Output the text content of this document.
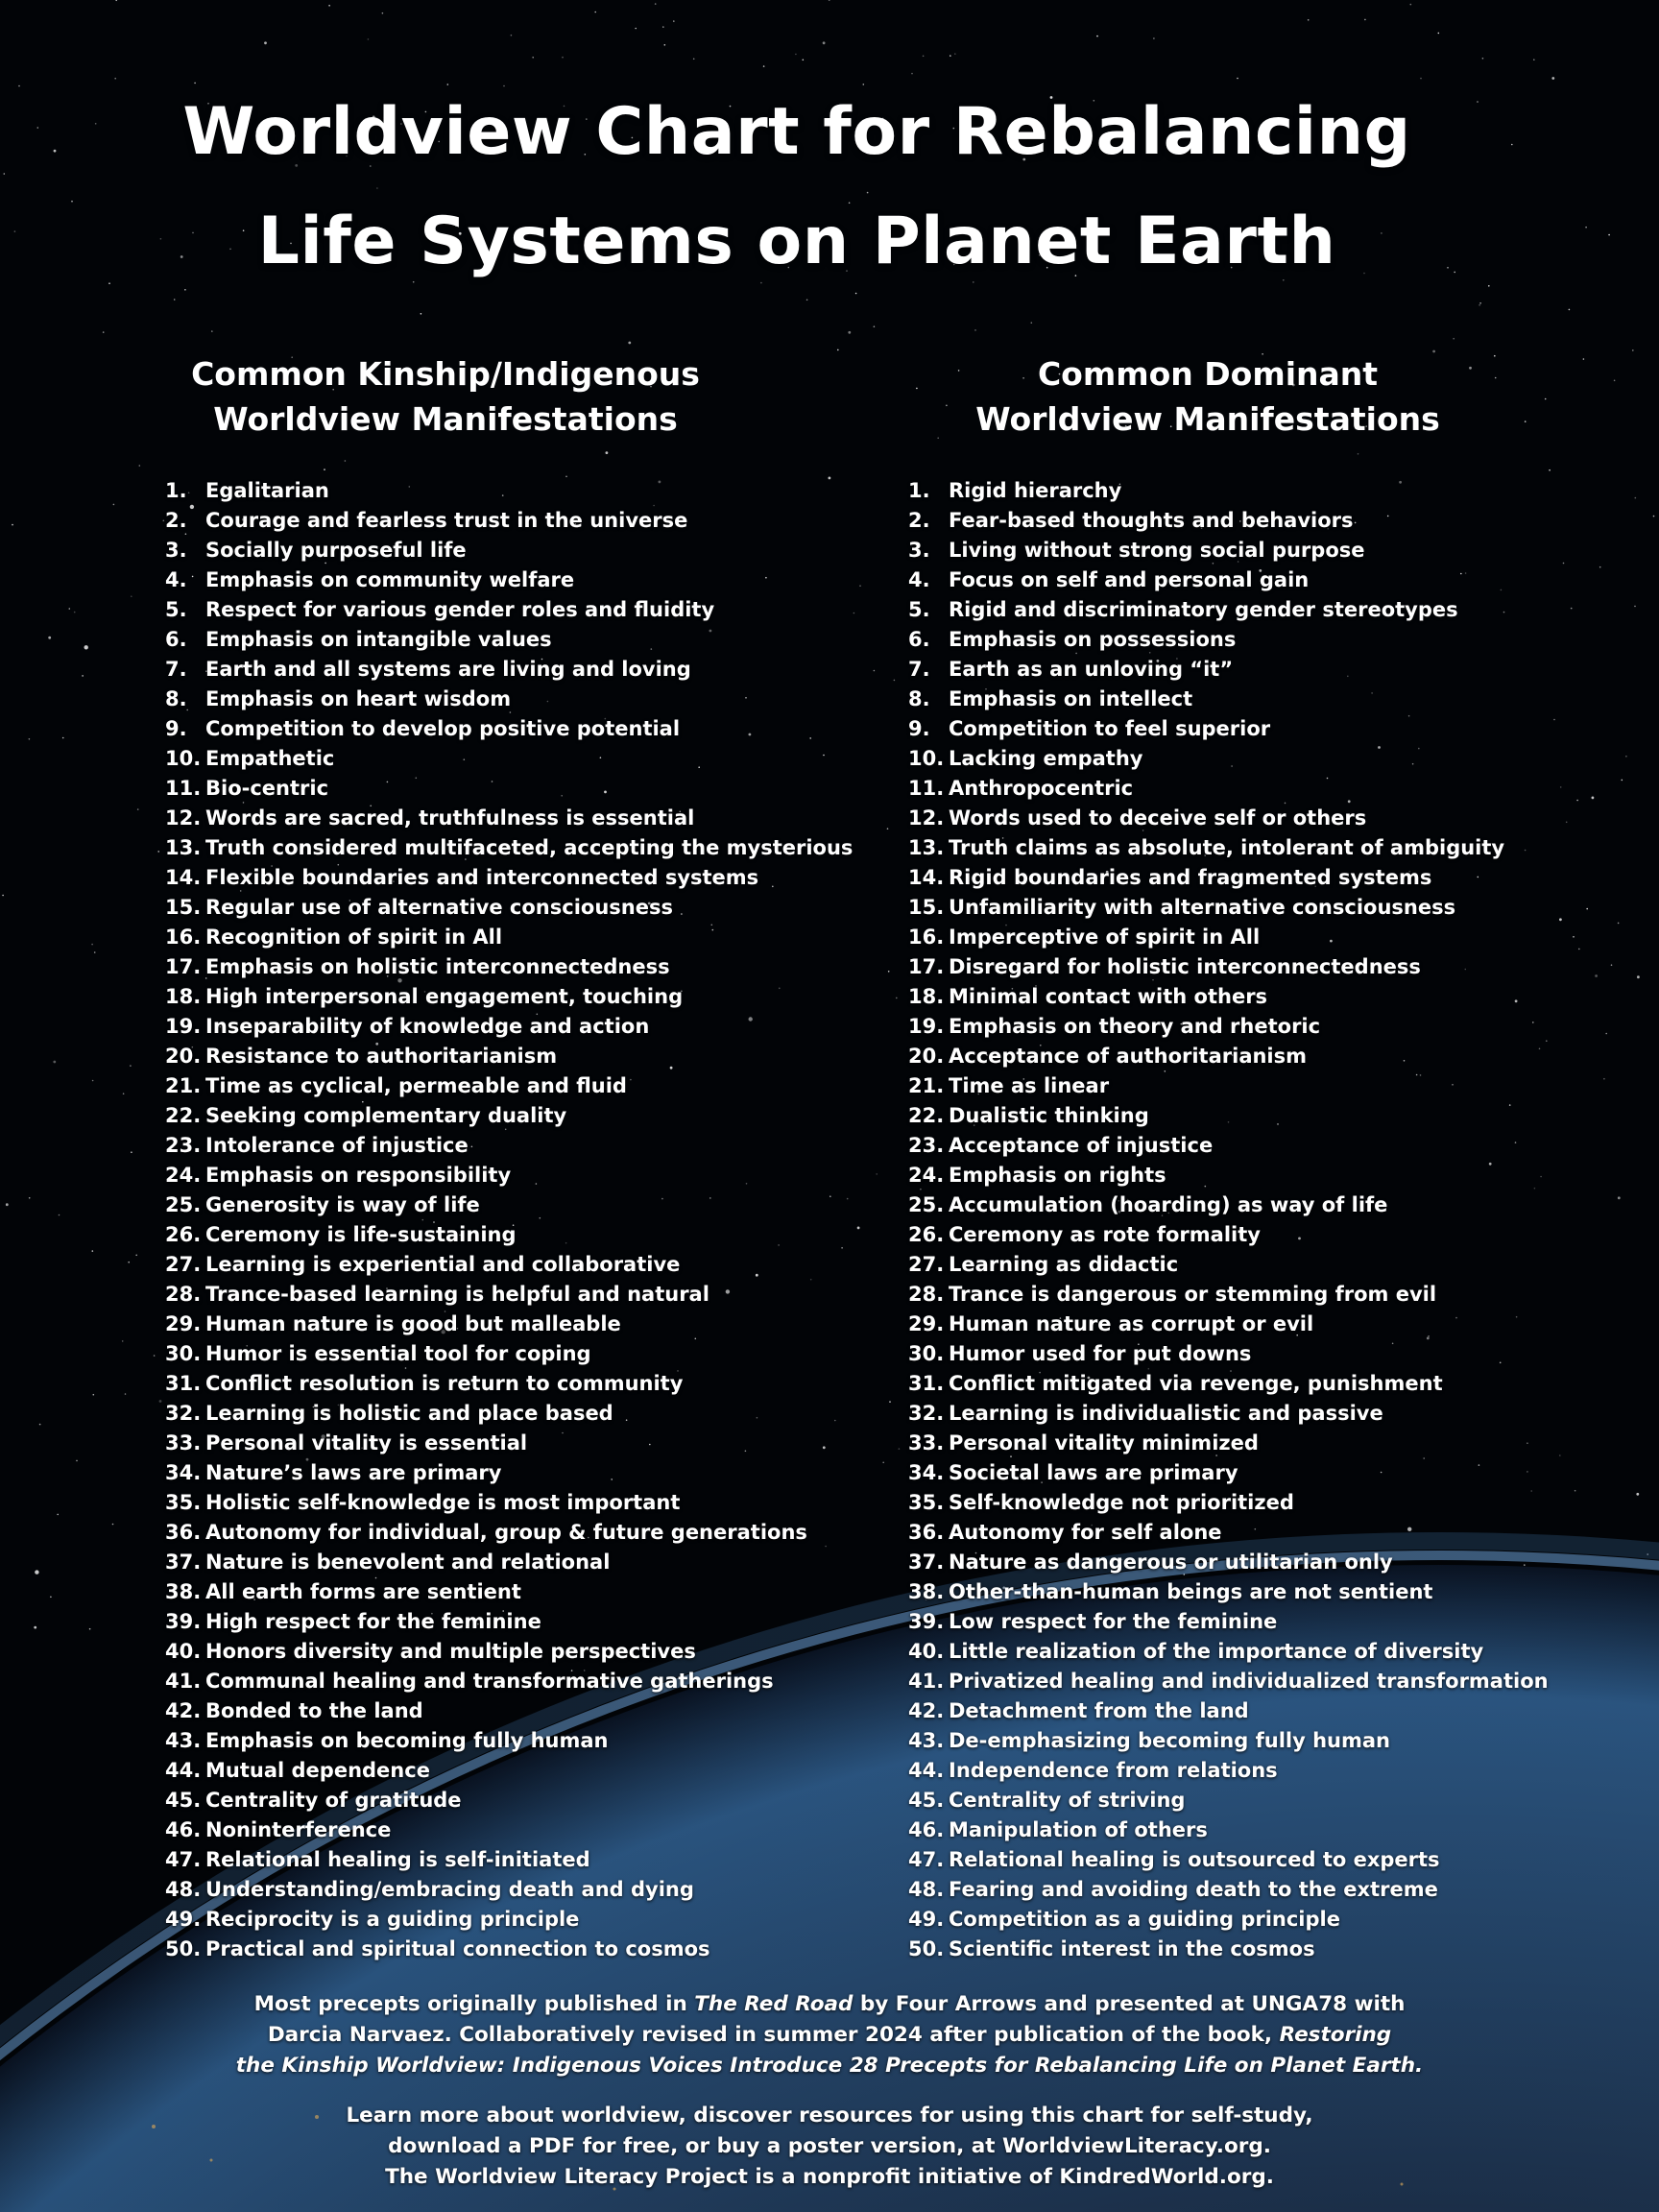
Worldview Chart for Rebalancing
Life Systems on Planet Earth
Common Kinship/Indigenous
Worldview Manifestations
Common Dominant
Worldview Manifestations
1. Egalitarian
2. Courage and fearless trust in the universe
3. Socially purposeful life
4. Emphasis on community welfare
5. Respect for various gender roles and fluidity
6. Emphasis on intangible values
7. Earth and all systems are living and loving
8. Emphasis on heart wisdom
9. Competition to develop positive potential
10. Empathetic
11. Bio-centric
12. Words are sacred, truthfulness is essential
13. Truth considered multifaceted, accepting the mysterious
14. Flexible boundaries and interconnected systems
15. Regular use of alternative consciousness
16. Recognition of spirit in All
17. Emphasis on holistic interconnectedness
18. High interpersonal engagement, touching
19. Inseparability of knowledge and action
20. Resistance to authoritarianism
21. Time as cyclical, permeable and fluid
22. Seeking complementary duality
23. Intolerance of injustice
24. Emphasis on responsibility
25. Generosity is way of life
26. Ceremony is life-sustaining
27. Learning is experiential and collaborative
28. Trance-based learning is helpful and natural
29. Human nature is good but malleable
30. Humor is essential tool for coping
31. Conflict resolution is return to community
32. Learning is holistic and place based
33. Personal vitality is essential
34. Nature’s laws are primary
35. Holistic self-knowledge is most important
36. Autonomy for individual, group & future generations
37. Nature is benevolent and relational
38. All earth forms are sentient
39. High respect for the feminine
40. Honors diversity and multiple perspectives
41. Communal healing and transformative gatherings
42. Bonded to the land
43. Emphasis on becoming fully human
44. Mutual dependence
45. Centrality of gratitude
46. Noninterference
47. Relational healing is self-initiated
48. Understanding/embracing death and dying
49. Reciprocity is a guiding principle
50. Practical and spiritual connection to cosmos
1. Rigid hierarchy
2. Fear-based thoughts and behaviors
3. Living without strong social purpose
4. Focus on self and personal gain
5. Rigid and discriminatory gender stereotypes
6. Emphasis on possessions
7. Earth as an unloving “it”
8. Emphasis on intellect
9. Competition to feel superior
10. Lacking empathy
11. Anthropocentric
12. Words used to deceive self or others
13. Truth claims as absolute, intolerant of ambiguity
14. Rigid boundaries and fragmented systems
15. Unfamiliarity with alternative consciousness
16. Imperceptive of spirit in All
17. Disregard for holistic interconnectedness
18. Minimal contact with others
19. Emphasis on theory and rhetoric
20. Acceptance of authoritarianism
21. Time as linear
22. Dualistic thinking
23. Acceptance of injustice
24. Emphasis on rights
25. Accumulation (hoarding) as way of life
26. Ceremony as rote formality
27. Learning as didactic
28. Trance is dangerous or stemming from evil
29. Human nature as corrupt or evil
30. Humor used for put downs
31. Conflict mitigated via revenge, punishment
32. Learning is individualistic and passive
33. Personal vitality minimized
34. Societal laws are primary
35. Self-knowledge not prioritized
36. Autonomy for self alone
37. Nature as dangerous or utilitarian only
38. Other-than-human beings are not sentient
39. Low respect for the feminine
40. Little realization of the importance of diversity
41. Privatized healing and individualized transformation
42. Detachment from the land
43. De-emphasizing becoming fully human
44. Independence from relations
45. Centrality of striving
46. Manipulation of others
47. Relational healing is outsourced to experts
48. Fearing and avoiding death to the extreme
49. Competition as a guiding principle
50. Scientific interest in the cosmos

Most precepts originally published in The Red Road by Four Arrows and presented at UNGA78 with
Darcia Narvaez. Collaboratively revised in summer 2024 after publication of the book, Restoring
the Kinship Worldview: Indigenous Voices Introduce 28 Precepts for Rebalancing Life on Planet Earth.

Learn more about worldview, discover resources for using this chart for self-study,
download a PDF for free, or buy a poster version, at WorldviewLiteracy.org.
The Worldview Literacy Project is a nonprofit initiative of KindredWorld.org.
